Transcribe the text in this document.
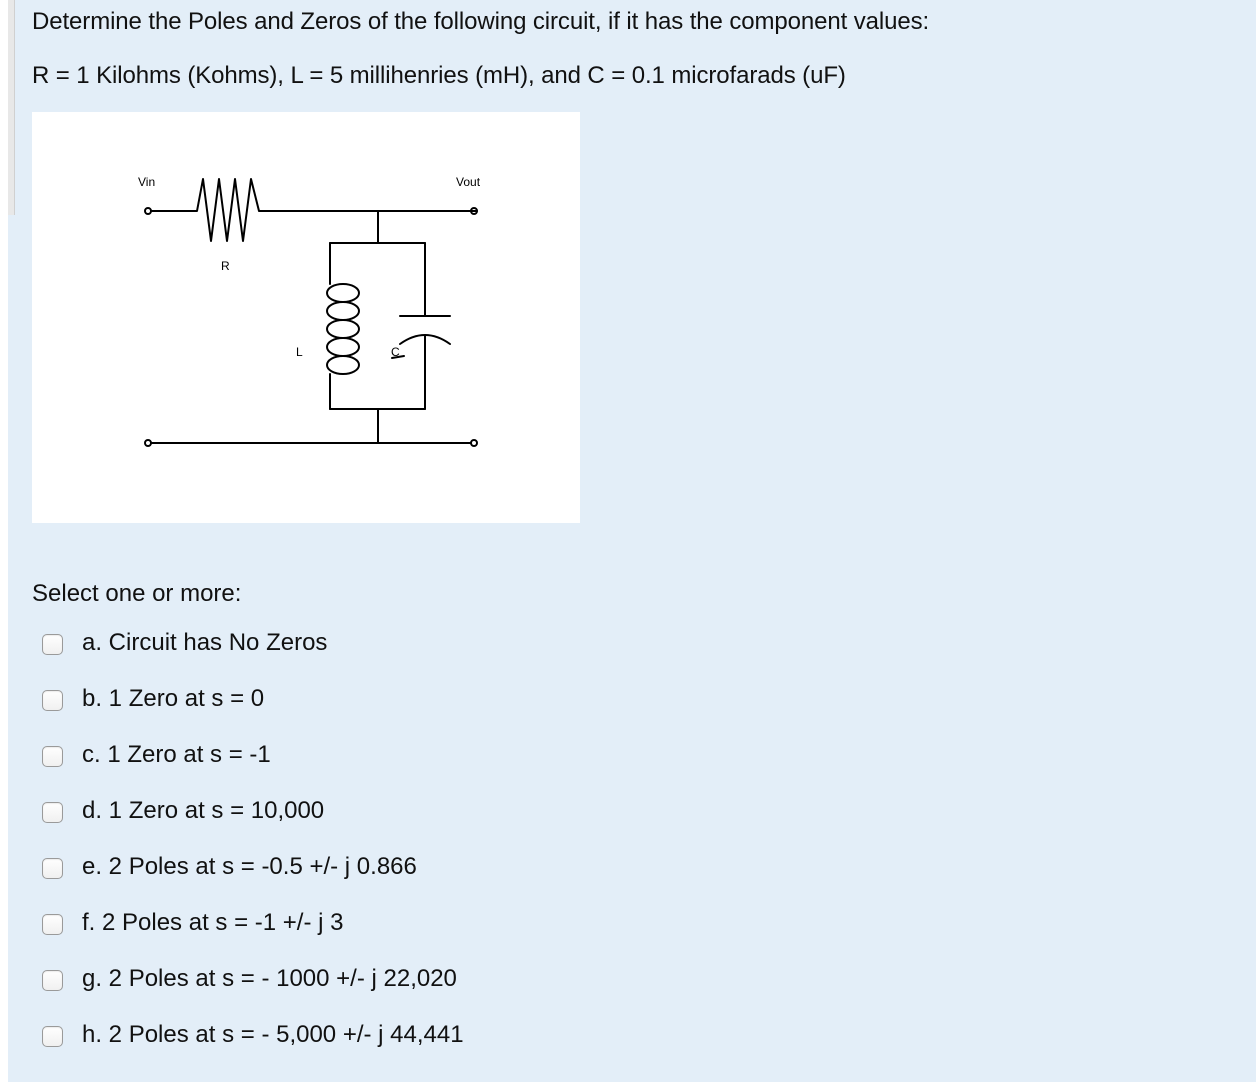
Determine the Poles and Zeros of the following circuit, if it has the component values:
R = 1 Kilohms (Kohms), L = 5 millihenries (mH), and C = 0.1 microfarads (uF)
Vin	Vout
R
L	C
Select one or more:
a. Circuit has No Zeros
b. 1 Zero at s = 0
c. 1 Zero at s = -1
d. 1 Zero at s = 10,000
e. 2 Poles at s = -0.5 +/- j 0.866
f. 2 Poles at s = -1 +/- j 3
g. 2 Poles at s = - 1000 +/- j 22,020
h. 2 Poles at s = - 5,000 +/- j 44,441
